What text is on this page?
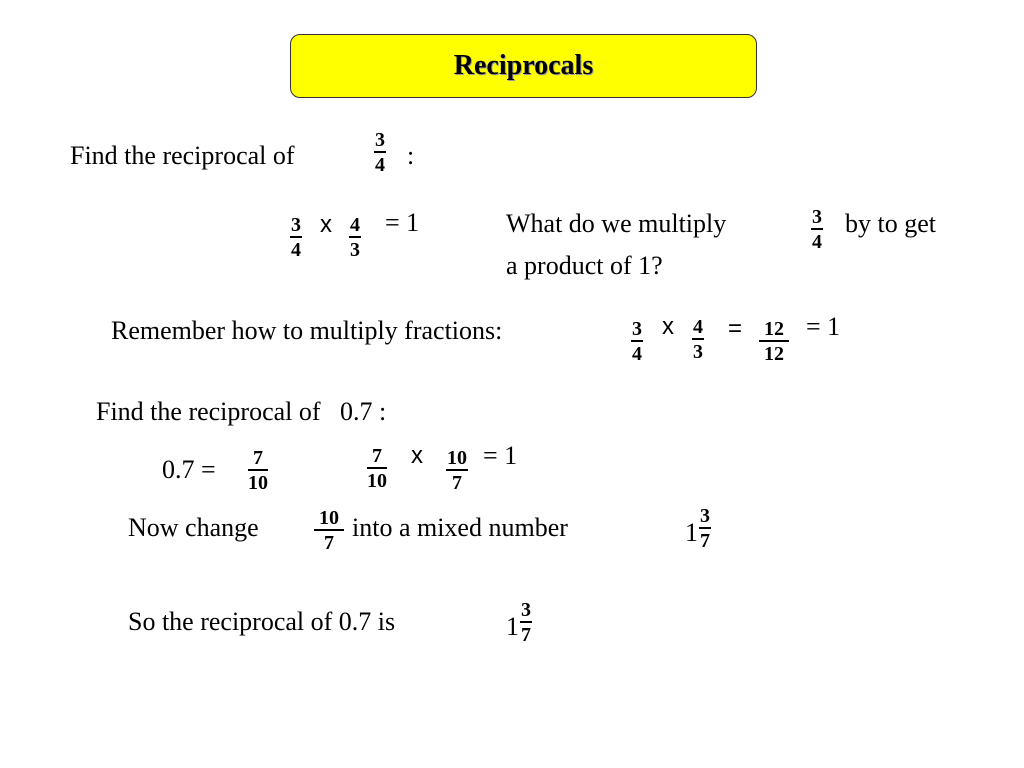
Reciprocals
Find the reciprocal of	$\frac{3}{4}$ :
$\frac{3}{4}$ x $\frac{4}{3} = 1$	What do we multiply	$\frac{3}{4}$ by to get
a product of 1?
Remember how to multiply fractions:	$\frac{3}{4}$ x $\frac{4}{3} = \frac{12}{12} = 1$
Find the reciprocal of   0.7 :
$0.7 = \frac{7}{10}$	$\frac{7}{10}$ x $\frac{10}{7} = 1$
Now change	$\frac{10}{7}$ into a mixed number	$1 \frac{3}{7}$
So the reciprocal of 0.7 is	$1 \frac{3}{7}$
